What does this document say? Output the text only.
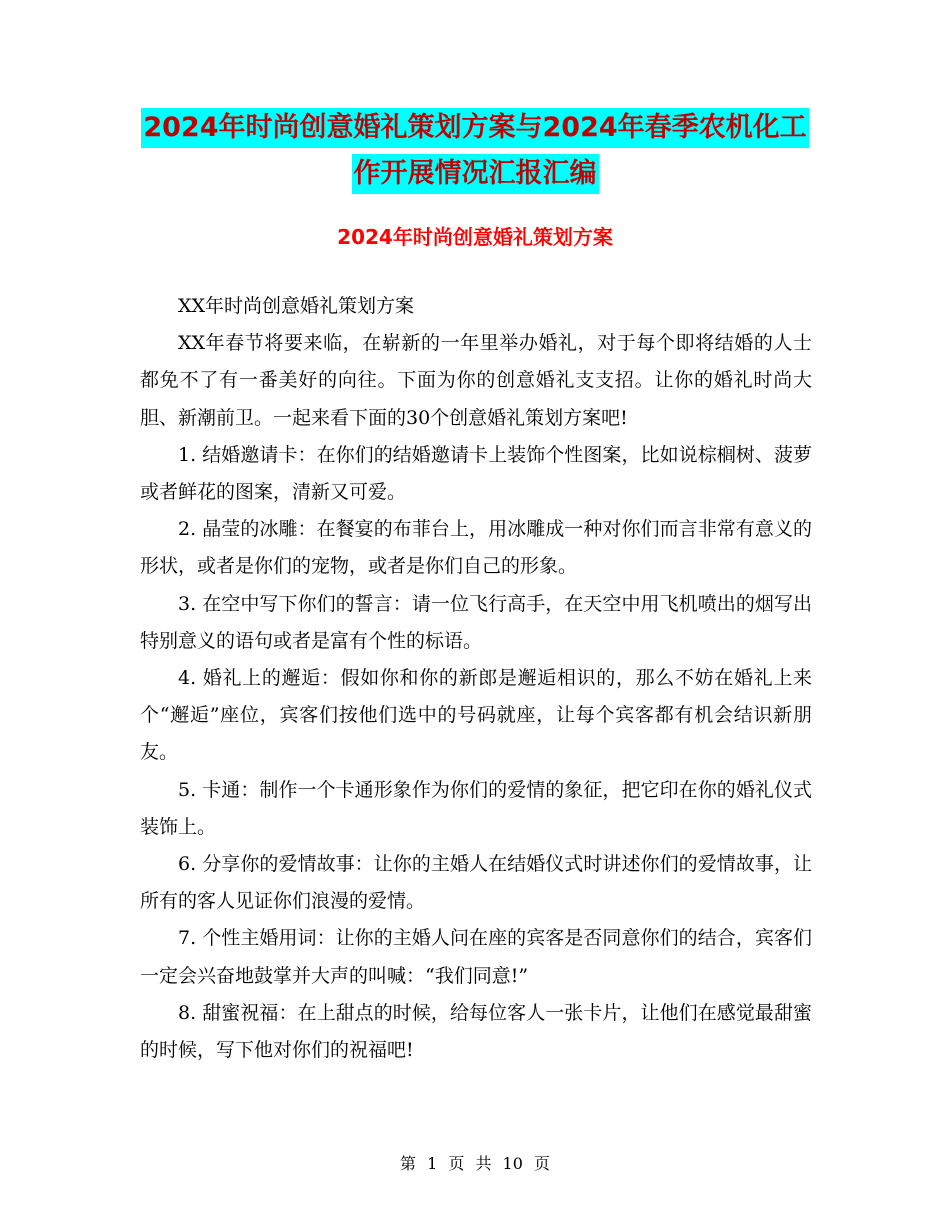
2024年时尚创意婚礼策划方案与2024年春季农机化工
作开展情况汇报汇编
2024年时尚创意婚礼策划方案

XX年时尚创意婚礼策划方案

XX年春节将要来临，在崭新的一年里举办婚礼，对于每个即将结婚的人士都免不了有一番美好的向往。下面为你的创意婚礼支支招。让你的婚礼时尚大胆、新潮前卫。一起来看下面的30个创意婚礼策划方案吧!

1. 结婚邀请卡：在你们的结婚邀请卡上装饰个性图案，比如说棕榈树、菠萝或者鲜花的图案，清新又可爱。

2. 晶莹的冰雕：在餐宴的布菲台上，用冰雕成一种对你们而言非常有意义的形状，或者是你们的宠物，或者是你们自己的形象。

3. 在空中写下你们的誓言：请一位飞行高手，在天空中用飞机喷出的烟写出特别意义的语句或者是富有个性的标语。

4. 婚礼上的邂逅：假如你和你的新郎是邂逅相识的，那么不妨在婚礼上来个“邂逅”座位，宾客们按他们选中的号码就座，让每个宾客都有机会结识新朋友。

5. 卡通：制作一个卡通形象作为你们的爱情的象征，把它印在你的婚礼仪式装饰上。

6. 分享你的爱情故事：让你的主婚人在结婚仪式时讲述你们的爱情故事，让所有的客人见证你们浪漫的爱情。

7. 个性主婚用词：让你的主婚人问在座的宾客是否同意你们的结合，宾客们一定会兴奋地鼓掌并大声的叫喊：“我们同意!”

8. 甜蜜祝福：在上甜点的时候，给每位客人一张卡片，让他们在感觉最甜蜜的时候，写下他对你们的祝福吧!

第 1 页 共 10 页
